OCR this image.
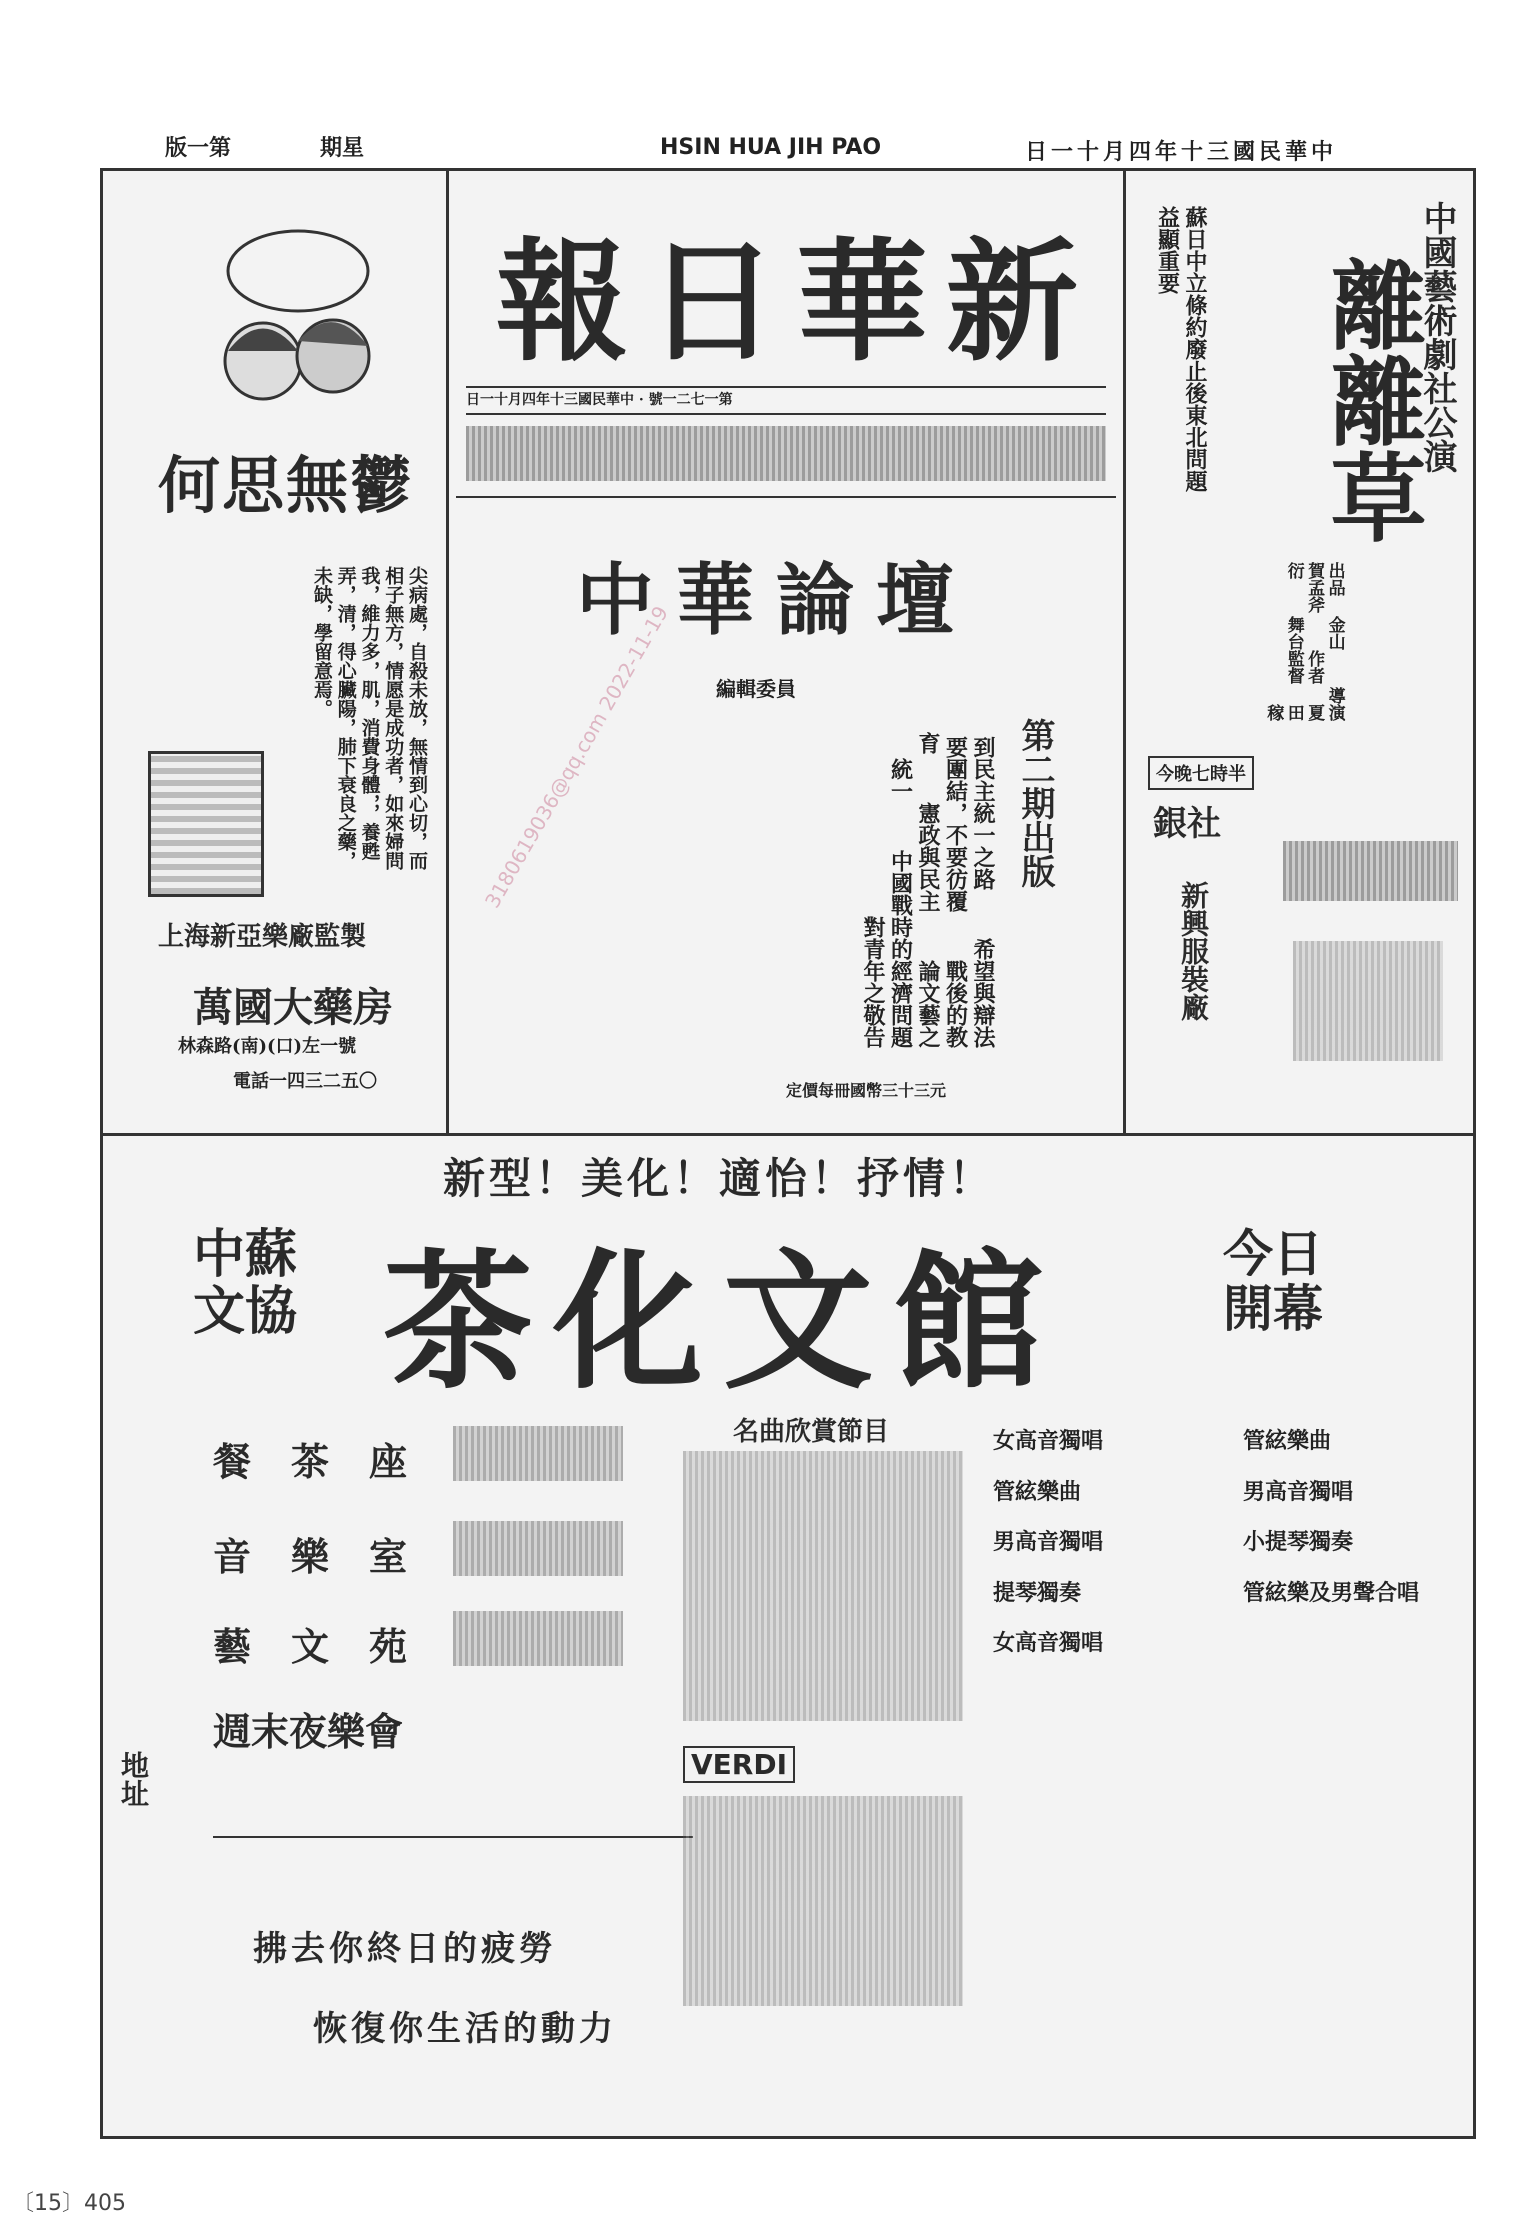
版一第	期星	HSIN HUA JIH PAO	日一十月四年十三國民華中
何思無鬱
尖病處，自殺未放，無情到心切，而相子無方，情愿是成功者，如來婦問我，維力多，肌，消費身體，，養甦弄，清，得心臟陽，肺下衰良之藥，未缺，學留意焉。
上海新亞樂廠監製
萬國大藥房
林森路(南)(口)左一號
電話一四三二五〇
報日華新
日一十月四年十三國民華中 · 號一二七一第
中華論壇
編輯委員
第二期出版
到民主統一之路　 希望與辯法　 要團結，不要彷覆　 戰後的教育　 憲政與民主　 論文藝之統一　 中國戰時的經濟問題　 對青年之敬告
定價每冊國幣三十三元
中國藝術劇社公演
離離草
蘇日中立條約廢止後東北問題益顯重要
出品 金山　 導演 賀孟斧　 作者 夏衍　 舞台監督 田稼
今晚七時半
銀社
新興服裝廠
新型！美化！適怡！抒情！
中蘇文協 茶化文館	今日開幕
餐茶座
音樂室
藝文苑
週末夜樂會
拂去你終日的疲勞
恢復你生活的動力
地址
名曲欣賞節目
VERDI
女高音獨唱
管絃樂曲
男高音獨唱
提琴獨奏
女高音獨唱
管絃樂曲
男高音獨唱
小提琴獨奏
管絃樂及男聲合唱
3180619036@qq.com 2022-11-19
〔15〕405
